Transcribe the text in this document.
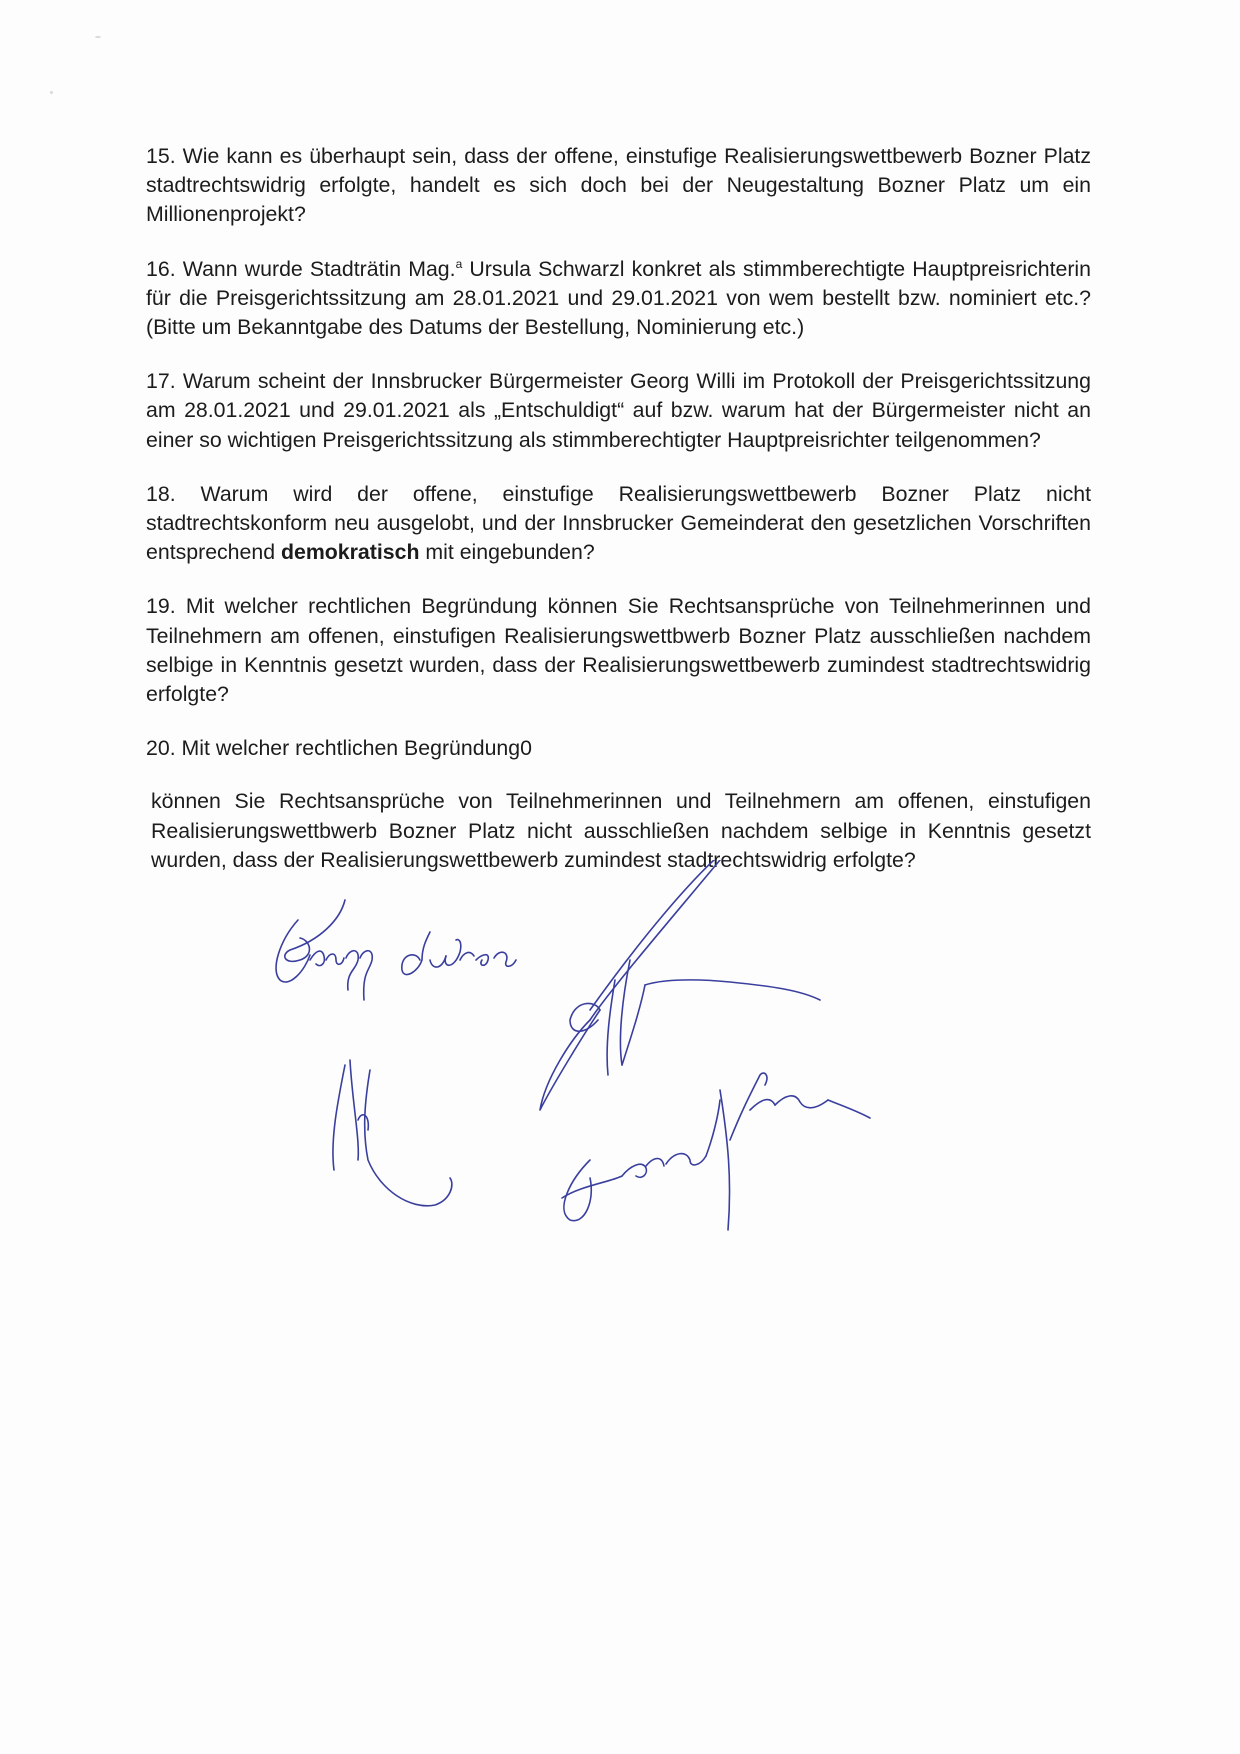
15. Wie kann es überhaupt sein, dass der offene, einstufige Realisierungswettbewerb Bozner Platz stadtrechtswidrig erfolgte, handelt es sich doch bei der Neugestaltung Bozner Platz um ein Millionenprojekt?

16. Wann wurde Stadträtin Mag.$^a$ Ursula Schwarzl konkret als stimmberechtigte Hauptpreisrichterin für die Preisgerichtssitzung am 28.01.2021 und 29.01.2021 von wem bestellt bzw. nominiert etc.? (Bitte um Bekanntgabe des Datums der Bestellung, Nominierung etc.)

17. Warum scheint der Innsbrucker Bürgermeister Georg Willi im Protokoll der Preisgerichtssitzung am 28.01.2021 und 29.01.2021 als „Entschuldigt“ auf bzw. warum hat der Bürgermeister nicht an einer so wichtigen Preisgerichtssitzung als stimmberechtigter Hauptpreisrichter teilgenommen?

18. Warum wird der offene, einstufige Realisierungswettbewerb Bozner Platz nicht stadtrechtskonform neu ausgelobt, und der Innsbrucker Gemeinderat den gesetzlichen Vorschriften entsprechend demokratisch mit eingebunden?

19. Mit welcher rechtlichen Begründung können Sie Rechtsansprüche von Teilnehmerinnen und Teilnehmern am offenen, einstufigen Realisierungswettbwerb Bozner Platz ausschließen nachdem selbige in Kenntnis gesetzt wurden, dass der Realisierungswettbewerb zumindest stadtrechtswidrig erfolgte?

20. Mit welcher rechtlichen Begründung0

können Sie Rechtsansprüche von Teilnehmerinnen und Teilnehmern am offenen, einstufigen Realisierungswettbwerb Bozner Platz nicht ausschließen nachdem selbige in Kenntnis gesetzt wurden, dass der Realisierungswettbewerb zumindest stadtrechtswidrig erfolgte?
